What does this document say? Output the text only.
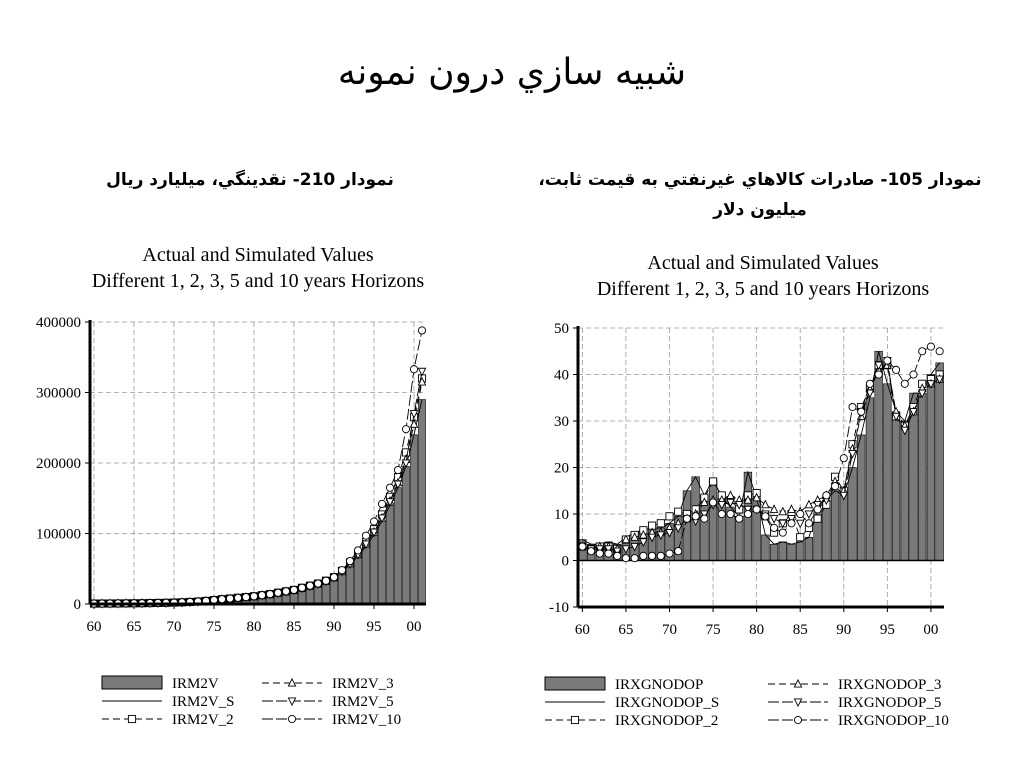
شبيه سازي درون نمونه
نمودار 210- نقدينگي، ميليارد ريال	نمودار 105- صادرات كالاهاي غيرنفتي به قيمت ثابت، ميليون دلار
Actual and Simulated Values
Different 1, 2, 3, 5 and 10 years Horizons
0
100000
200000
300000
400000
60 65 70 75 80 85 90 95 00
IRM2V	IRM2V_3
IRM2V_S	IRM2V_5
IRM2V_2	IRM2V_10
Actual and Simulated Values
Different 1, 2, 3, 5 and 10 years Horizons
-10
0
10
20
30
40
50
60 65 70 75 80 85 90 95 00
IRXGNODOP	IRXGNODOP_3
IRXGNODOP_S	IRXGNODOP_5
IRXGNODOP_2	IRXGNODOP_10
